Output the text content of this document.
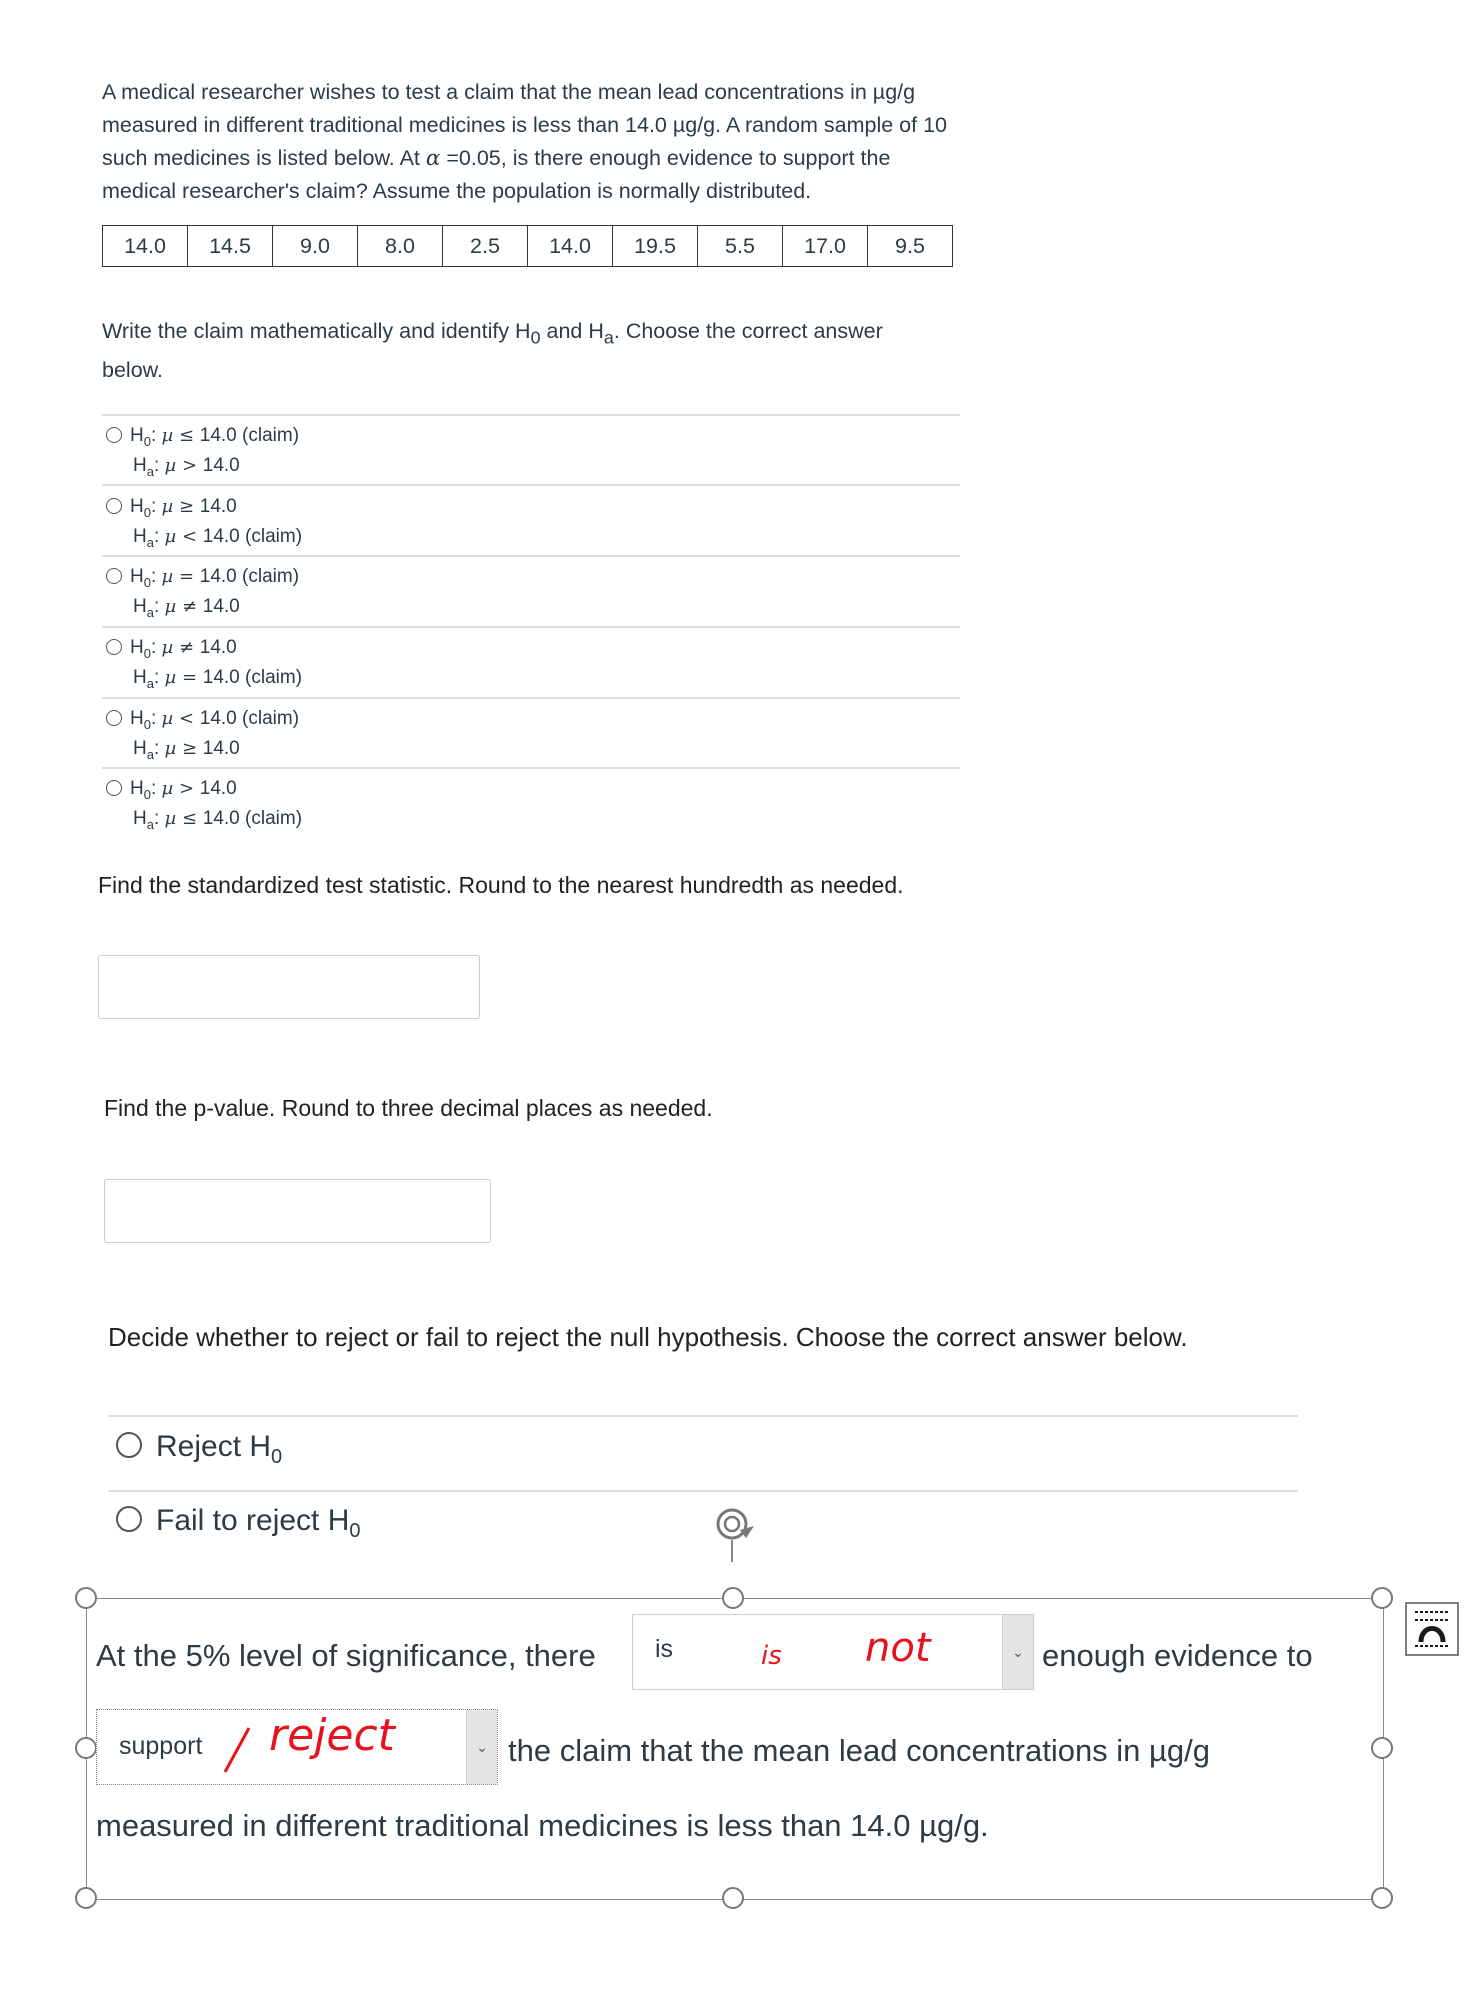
A medical researcher wishes to test a claim that the mean lead concentrations in µg/g
measured in different traditional medicines is less than 14.0 µg/g. A random sample of 10
such medicines is listed below. At α =0.05, is there enough evidence to support the
medical researcher's claim? Assume the population is normally distributed.
14.0	14.5	9.0	8.0	2.5	14.0	19.5	5.5	17.0	9.5
Write the claim mathematically and identify $H_0$ and $H_a$. Choose the correct answer
below.
$H_0$: µ ≤ 14.0 (claim)
$H_a$: µ > 14.0
$H_0$: µ ≥ 14.0
$H_a$: µ < 14.0 (claim)
$H_0$: µ = 14.0 (claim)
$H_a$: µ ≠ 14.0
$H_0$: µ ≠ 14.0
$H_a$: µ = 14.0 (claim)
$H_0$: µ < 14.0 (claim)
$H_a$: µ ≥ 14.0
$H_0$: µ > 14.0
$H_a$: µ ≤ 14.0 (claim)
Find the standardized test statistic. Round to the nearest hundredth as needed.
Find the p-value. Round to three decimal places as needed.
Decide whether to reject or fail to reject the null hypothesis. Choose the correct answer below.
Reject $H_0$
Fail to reject $H_0$
At the 5% level of significance, there is	is not	⌄ enough evidence to
support reject	⌄ the claim that the mean lead concentrations in µg/g
measured in different traditional medicines is less than 14.0 µg/g.
